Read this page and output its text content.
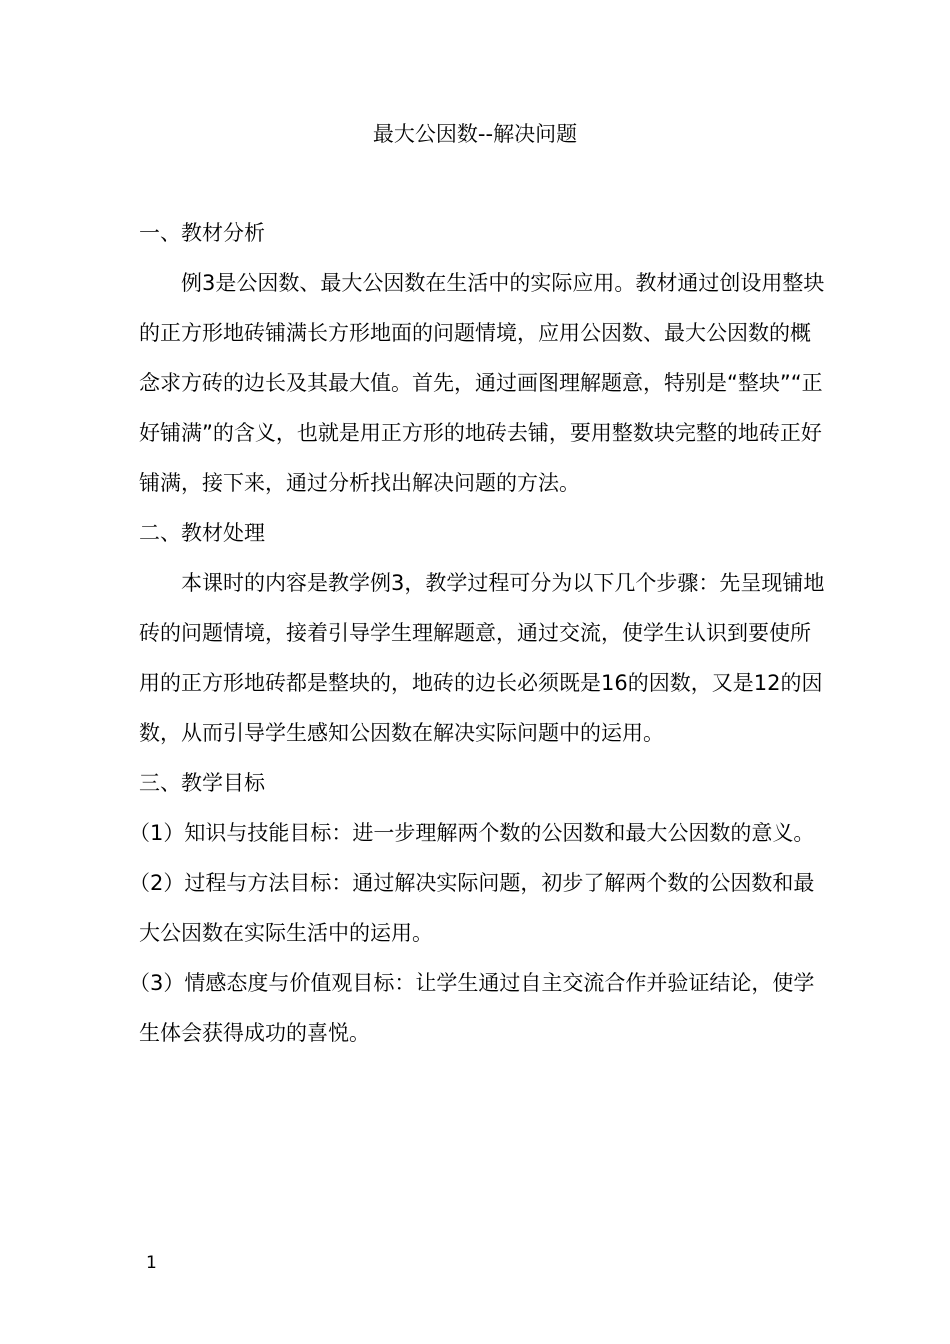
最大公因数--解决问题

一、教材分析

例3是公因数、最大公因数在生活中的实际应用。教材通过创设用整块的正方形地砖铺满长方形地面的问题情境，应用公因数、最大公因数的概念求方砖的边长及其最大值。首先，通过画图理解题意，特别是“整块”“正好铺满”的含义，也就是用正方形的地砖去铺，要用整数块完整的地砖正好铺满，接下来，通过分析找出解决问题的方法。

二、教材处理

本课时的内容是教学例3，教学过程可分为以下几个步骤：先呈现铺地砖的问题情境，接着引导学生理解题意，通过交流，使学生认识到要使所用的正方形地砖都是整块的，地砖的边长必须既是16的因数，又是12的因数，从而引导学生感知公因数在解决实际问题中的运用。

三、教学目标

（1）知识与技能目标：进一步理解两个数的公因数和最大公因数的意义。

（2）过程与方法目标：通过解决实际问题，初步了解两个数的公因数和最大公因数在实际生活中的运用。

（3）情感态度与价值观目标：让学生通过自主交流合作并验证结论，使学生体会获得成功的喜悦。

1
